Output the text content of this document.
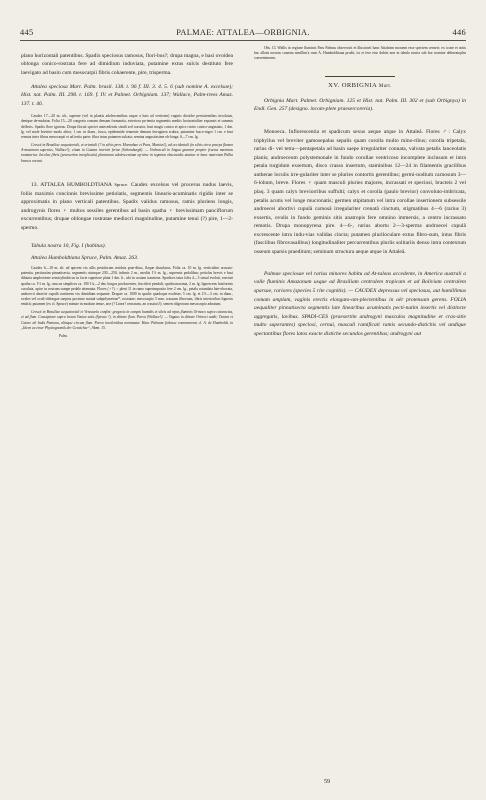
445	PALMAE: ATTALEA—ORBIGNIA.	446

plano horizontali patentibus. Spadix speciosus ramosus, flori-bus?; drupa magna, e basi ovoidea oblonga conico-rostrata fere ad dimidium induviata, putamine extus sulcis destituto fere laevigato ad basin cum mesocarpii fibris cohaerente, pire, trisperma.

Attalea speciosa Mart. Palm. brasil. 138. t. 96 f. III. 3. 4. 5. 6 (sub nomine A. excelsae); Hist. nat. Palm. III. 298. t. 169. f. IV. et Palmet. Orbigniam. 137; Wallace, Palm-trees Amaz. 137. t. 46.

Caudex 17—20 m. alt., superne (vel in plantis adolescentibus usque a basi ad verticem) vaginis distiche persistentibus involutus, denique de-nudatus. Folia 15—20 congesta comam densam formantia, exteriora pa-tentia segmentis mediis horizontaliter expansis et summis deflexis. Spadix flore ignotus. Drupa floruit speciei antecedentis simili sed crassior, basi magis conica et apice rostro conico-angustato, 1 dm. lg. vel mole breviter modo altior, 1 cm. in diam., fusca, epidermide tenuente demum ferruginea scabra; putamine fusco-nigro 1 cm. e basi remota inter fibras mesocarpii et ad tertia parte; fibra intus putamen sulcata; semina angustissime ob-longa, 6—7 cm. lg.

Crescit in Brasiliae aequatoriali, et orientali (? in silvis prov. Maranhao et Para, Martius!), ad occidentali (in silvis circa praeps flumen A-mazonum superius, Wallace!); etiam in Guiana inveniri fertur (Schomburgk). — Umbraculi in lingua guarani propter fructus maximos nomina-tur. Incolae fibris (praesertim inexplicatis) plantarum adolescentium op-time in tegmina obsecundis utuntur et hanc materiam Palha brasca vocant.

13. ATTALEA HUMBOLDTIANA Spruce. Caudex excelsus vel procerus nudus laevis, foliis maximis concinnis brevissime petiolatis, segmentis linearis-acuminatis rigidis inter se approximatis in plano verticali patentibus. Spadix validus ramosus, ramis pluriens longis, androgynis flores ♀ multos sessiles gerentibus ad basin spatha ♀ brevissimam panciflorum excurrentibus; drupae oblongae rostratae mediocri magnitudine, putamine tenui (?) pire, 1—2-spermo.

Tabula nostra 10, Fig. I (habitus).

Attalea Humboldtiana Spruce, Palm. Amaz. 263.

Caudex 6—18 m. alt. ad apicem vix ullis petiolorum residuis prae-ditus, flaque dissolutus. Folia ca. 10 m. lg. verticaliter arcuato-patentia, pectinatim pinnatisecta, segmentis utrinque 230—250, infimis 2 m., mediis 1½ m. lg., supremis pedalibus; petiolus brevis e basi dilatata amplectente semicylindricus in facie superiore plani 1 dm. lt., ubi in costam transiens. Spadices intra folia 4—5 simul evoluti, erectuti spatha ca. 1½ m. lg., mucus simplices ca. 100 1¼—2 dm. longos producentes, fructiferi penduli; spatha maxima, 2 m. lg. lignescens fusiformis cuculata, apice in rostrum sumpe pedale attenuata. Flores (♂?) ♀ pleni 11 in ramo superimposito fere 2 cm. lg., petala rotundata late-obovata, androecii abortivi cupulâ continens vix dimidium sequante. Drupae ca. 1000 in spadix quadoque exoletae, 5 cm. lg. et 2½—3 cm. in diam., ovales vel ovali-oblongae saepius proximo mutuâ subpolymetrae*, rostratae; mesocarpio 5 mm. crassum fibrosum, fibris interioribus lignosis emittit; putamen (ex cl. Spruce) minute in modum tenue, arte (? Linea? cernatum, an crassius?); semen oligeorum mesocarpio adnatum.

Crescit in Brasiliae aequatoriali et Venezuela confini: gregaria in campis humidis et silvis ad ripas fluminis Orinoco supra cataractas, et ad flum. Cassiquiare supra locum Vasiva satis (Spruce !), in ditione flum. Parva (Wallace!). — Vaguus in ditione Orinoci audit; Tiastra et Cuiare ab Indis Pamona, aliisque circum flum. Parva incolentibus nominatur. Hanc Palmam forlasse commemorat cl. A. de Humboldt, in „Ideen zu einer Physiognomik der Gewächse“, Abmt. 15.

Palm.

Obs. Cl. Wallis in regione fluminis Paru Palmas observavit et illustravit hanc Attaleam moraem esse speciem censeri; ex icone et notis hac allatis nostras cuneata simillim'a cum A. Humboldtiana prodit, tis et fere eise dubiis non in tabula nostra sub hoc nomine delineatoplm conventensem.

XV. ORBIGNIA Mart.

Orbignia Mart. Palmet. Orbigniam. 125 et Hist. nat. Palm. III. 302 et (sub Orbignya) in Endl. Gen. 257 (designo. incom-plete praesercoreria).

Monoeca. Inflorescentia et spadicum sexus aeque atque in Attaleâ. Flores ♂: Calyx triphyllus vel breviter gamosepalus sepalis quam corolla multo mino-ribus; corolla tripetala, rarius di- vel tetra—pentapetala ad basin saepe irregulariter connata, valvata petalis lanceolatis planis; androeceum polystemonale in fundo corollae ventricoso incomplete inclusum et intra petala turgidum exsertum, disco crasso insertum, staminibus 12—24 in filamentis gracilibus antherae loculis irre-gulariter inter se pluries contortis gerentibus; germi-nodium carnosum 3—6-lobum, breve. Flores ♀ quam masculi pluries majores, incrassati et speciosi, bracteis 2 vel plaq. 3 quam calyx breviorribus suffulti; calyx et corolla (paulo brevior) convoluto-imbricata, petalis acutis vel longe mucronatis; germen stipitatum vel intra corollae insertionem subsessile androecei abortivi cupulâ carnosâ irregulariter crenatâ cinctum, stigmatibus 4—6 (rarius 3) exsertis, ovulis in fundo geminis sitis anatropis fere omnino immersis, a centro incrassato remotis. Drupa monopyrena pire. 4—6-, rarius abortu 2—3-sperma androecei cupulâ excrescente intra indu-vias validas cincta; putamen pluriloculare extus fibro-sum, intus fibris (fasciibus fibrovasalibus) longitudinaliter percurrentibus pluriis solitariis denso intra contextum osseum sparsis praeditum; seminum structura aeque atque in Attaleâ.

Palmae speciosae vel rarius minores habitu ad At-taleas accedente, in America australi a valle fluminis Amazonum usque ad Brasiliam centralem tropicam et ad Boliviam centralem sparsae, rariores (species 5 rite cognitis). — CAUDEX depressus vel speciosus, aut humillimus comam amplam, vaginis erectis elongato-am-plectentibus in aër protensam gerens. FOLIA aequaliter pinnatisecta segmentis late linearibus acuminatis pecti-natim insertis vel distincte aggregatis, lavibus. SPADI-CES (praesertim androgyni masculos magnitudine et cras-sitie multo superantes) speciosi, cernui, masculi ramificati ramis secundo-distichis vel undique spectantibus flores latos exacte distiche secundos gerentibus; androgyni aut

59
